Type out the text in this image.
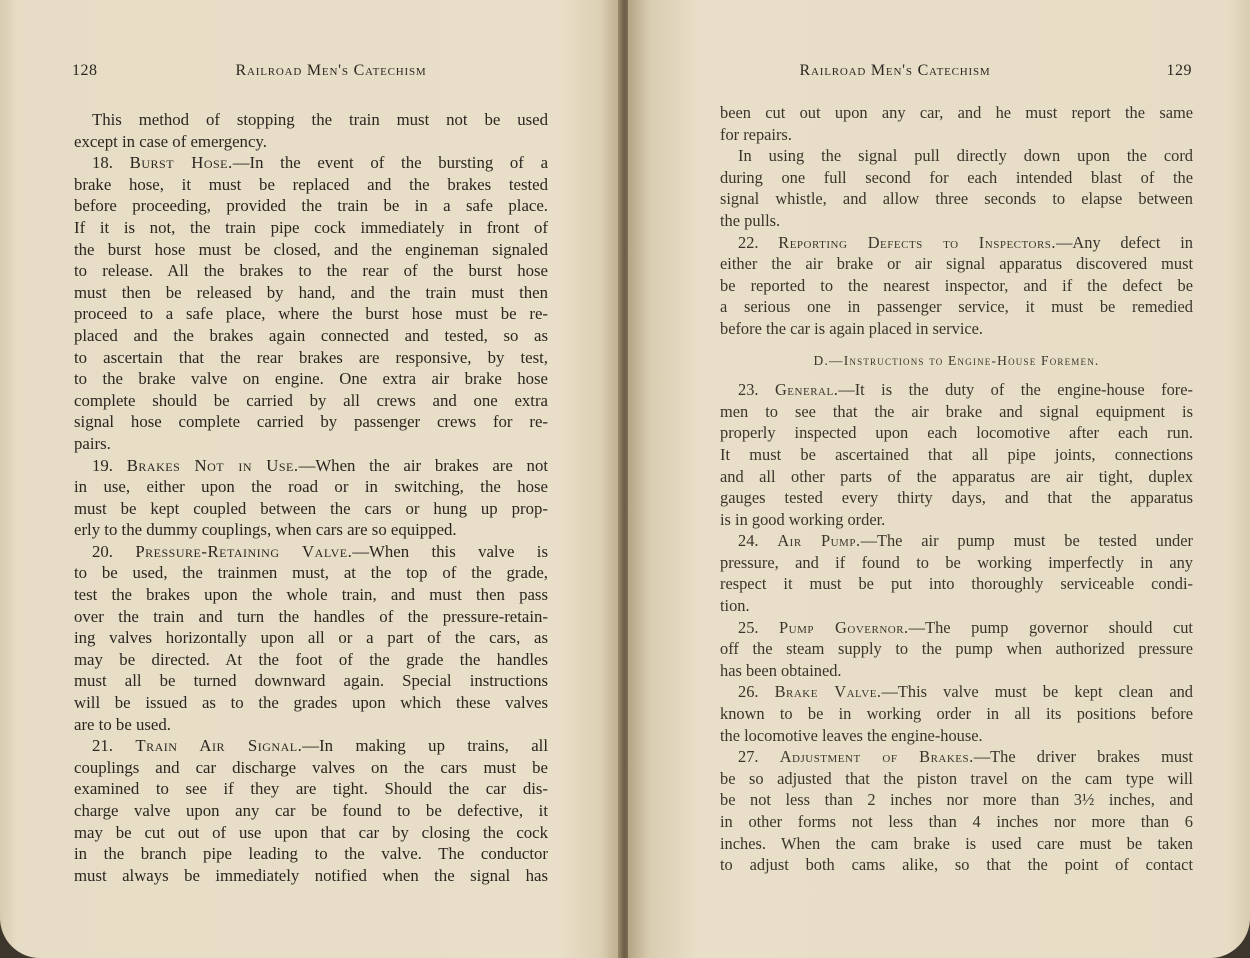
128	Railroad Men's Catechism
This method of stopping the train must not be used
except in case of emergency.
18. Burst Hose.—In the event of the bursting of a
brake hose, it must be replaced and the brakes tested
before proceeding, provided the train be in a safe place.
If it is not, the train pipe cock immediately in front of
the burst hose must be closed, and the engineman signaled
to release. All the brakes to the rear of the burst hose
must then be released by hand, and the train must then
proceed to a safe place, where the burst hose must be re-
placed and the brakes again connected and tested, so as
to ascertain that the rear brakes are responsive, by test,
to the brake valve on engine. One extra air brake hose
complete should be carried by all crews and one extra
signal hose complete carried by passenger crews for re-
pairs.
19. Brakes Not in Use.—When the air brakes are not
in use, either upon the road or in switching, the hose
must be kept coupled between the cars or hung up prop-
erly to the dummy couplings, when cars are so equipped.
20. Pressure-Retaining Valve.—When this valve is
to be used, the trainmen must, at the top of the grade,
test the brakes upon the whole train, and must then pass
over the train and turn the handles of the pressure-retain-
ing valves horizontally upon all or a part of the cars, as
may be directed. At the foot of the grade the handles
must all be turned downward again. Special instructions
will be issued as to the grades upon which these valves
are to be used.
21. Train Air Signal.—In making up trains, all
couplings and car discharge valves on the cars must be
examined to see if they are tight. Should the car dis-
charge valve upon any car be found to be defective, it
may be cut out of use upon that car by closing the cock
in the branch pipe leading to the valve. The conductor
must always be immediately notified when the signal has
Railroad Men's Catechism	129
been cut out upon any car, and he must report the same
for repairs.
In using the signal pull directly down upon the cord
during one full second for each intended blast of the
signal whistle, and allow three seconds to elapse between
the pulls.
22. Reporting Defects to Inspectors.—Any defect in
either the air brake or air signal apparatus discovered must
be reported to the nearest inspector, and if the defect be
a serious one in passenger service, it must be remedied
before the car is again placed in service.
D.—Instructions to Engine-House Foremen.
23. General.—It is the duty of the engine-house fore-
men to see that the air brake and signal equipment is
properly inspected upon each locomotive after each run.
It must be ascertained that all pipe joints, connections
and all other parts of the apparatus are air tight, duplex
gauges tested every thirty days, and that the apparatus
is in good working order.
24. Air Pump.—The air pump must be tested under
pressure, and if found to be working imperfectly in any
respect it must be put into thoroughly serviceable condi-
tion.
25. Pump Governor.—The pump governor should cut
off the steam supply to the pump when authorized pressure
has been obtained.
26. Brake Valve.—This valve must be kept clean and
known to be in working order in all its positions before
the locomotive leaves the engine-house.
27. Adjustment of Brakes.—The driver brakes must
be so adjusted that the piston travel on the cam type will
be not less than 2 inches nor more than 3½ inches, and
in other forms not less than 4 inches nor more than 6
inches. When the cam brake is used care must be taken
to adjust both cams alike, so that the point of contact
